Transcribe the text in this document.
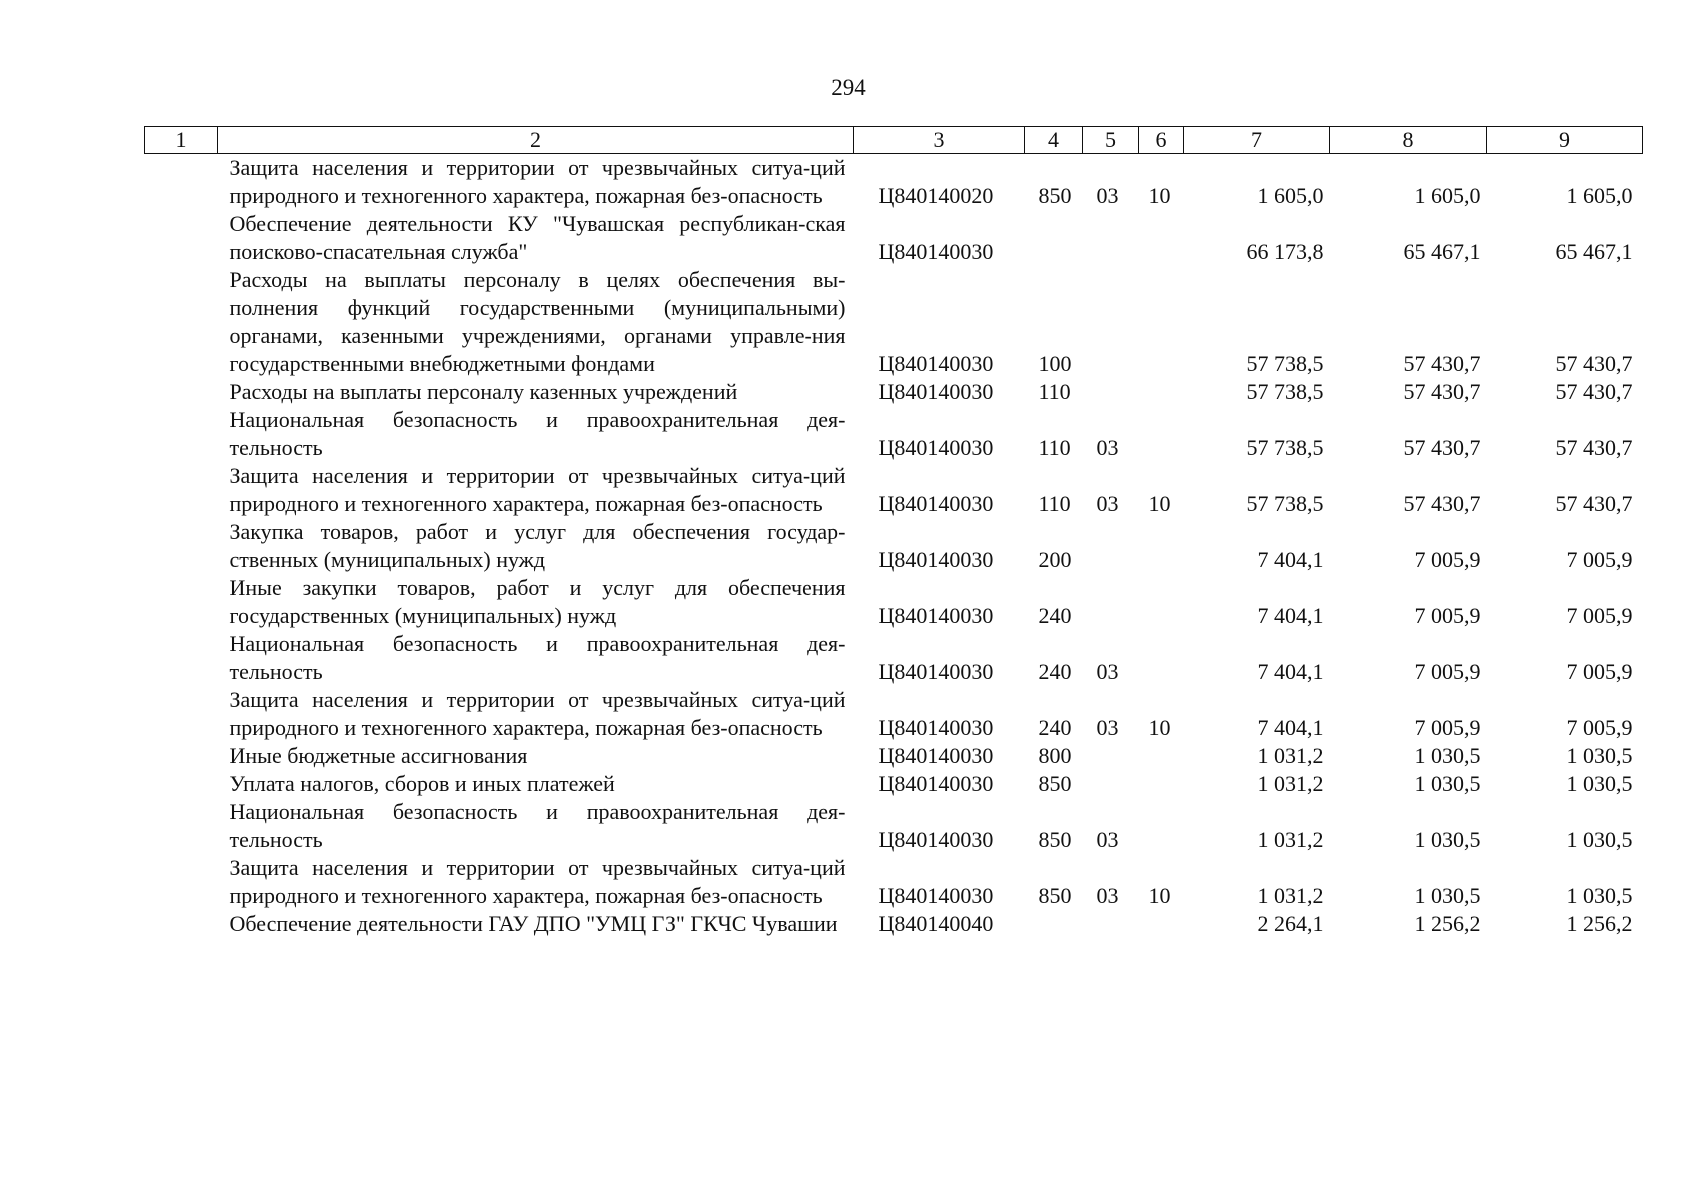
294
1	2	3	4	5	6	7	8	9
	Защита населения и территории от чрезвычайных ситуа-ций природного и техногенного характера, пожарная без-опасность	Ц840140020	850	03	10	1 605,0	1 605,0	1 605,0
	Обеспечение деятельности КУ "Чувашская республикан-ская поисково-спасательная служба"	Ц840140030				66 173,8	65 467,1	65 467,1
	Расходы на выплаты персоналу в целях обеспечения вы-полнения функций государственными (муниципальными) органами, казенными учреждениями, органами управле-ния государственными внебюджетными фондами	Ц840140030	100			57 738,5	57 430,7	57 430,7
	Расходы на выплаты персоналу казенных учреждений	Ц840140030	110			57 738,5	57 430,7	57 430,7
	Национальная безопасность и правоохранительная дея-тельность	Ц840140030	110	03		57 738,5	57 430,7	57 430,7
	Защита населения и территории от чрезвычайных ситуа-ций природного и техногенного характера, пожарная без-опасность	Ц840140030	110	03	10	57 738,5	57 430,7	57 430,7
	Закупка товаров, работ и услуг для обеспечения государ-ственных (муниципальных) нужд	Ц840140030	200			7 404,1	7 005,9	7 005,9
	Иные закупки товаров, работ и услуг для обеспечения государственных (муниципальных) нужд	Ц840140030	240			7 404,1	7 005,9	7 005,9
	Национальная безопасность и правоохранительная дея-тельность	Ц840140030	240	03		7 404,1	7 005,9	7 005,9
	Защита населения и территории от чрезвычайных ситуа-ций природного и техногенного характера, пожарная без-опасность	Ц840140030	240	03	10	7 404,1	7 005,9	7 005,9
	Иные бюджетные ассигнования	Ц840140030	800			1 031,2	1 030,5	1 030,5
	Уплата налогов, сборов и иных платежей	Ц840140030	850			1 031,2	1 030,5	1 030,5
	Национальная безопасность и правоохранительная дея-тельность	Ц840140030	850	03		1 031,2	1 030,5	1 030,5
	Защита населения и территории от чрезвычайных ситуа-ций природного и техногенного характера, пожарная без-опасность	Ц840140030	850	03	10	1 031,2	1 030,5	1 030,5
	Обеспечение деятельности ГАУ ДПО "УМЦ ГЗ" ГКЧС Чувашии	Ц840140040				2 264,1	1 256,2	1 256,2
